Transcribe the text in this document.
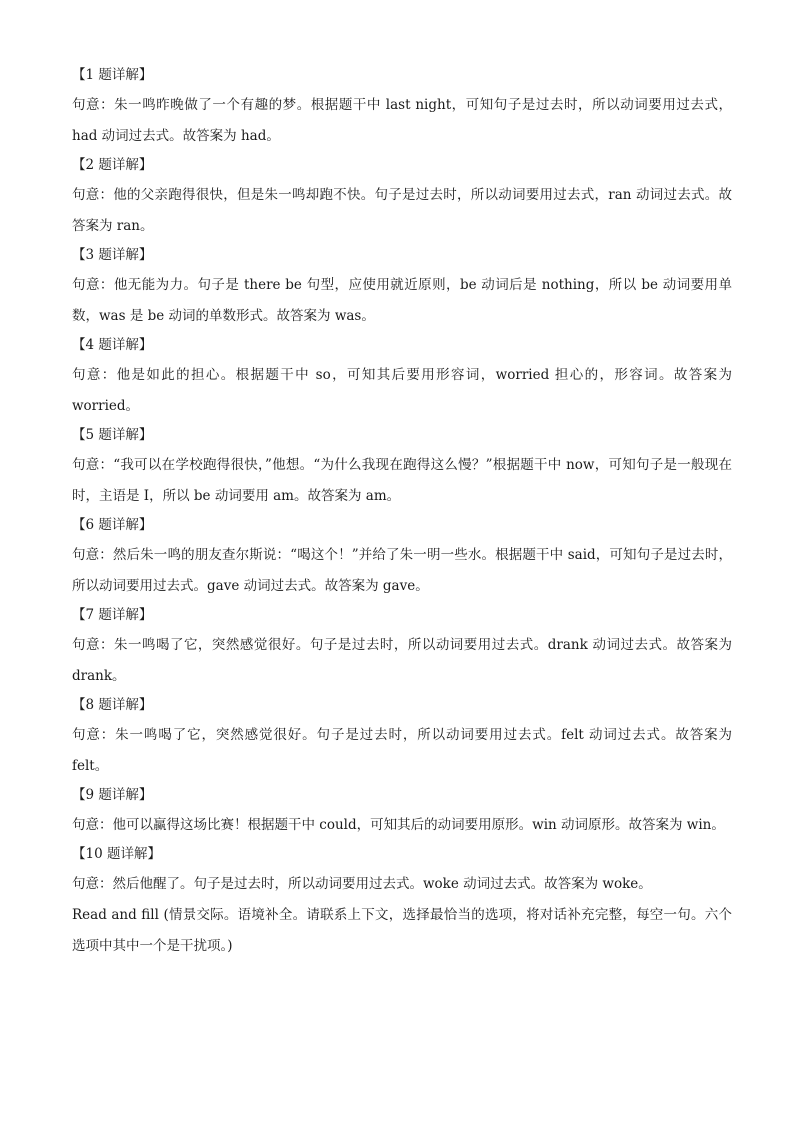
【1 题详解】

句意：朱一鸣昨晚做了一个有趣的梦。根据题干中 last night，可知句子是过去时，所以动词要用过去式，had 动词过去式。故答案为 had。

【2 题详解】

句意：他的父亲跑得很快，但是朱一鸣却跑不快。句子是过去时，所以动词要用过去式，ran 动词过去式。故答案为 ran。

【3 题详解】

句意：他无能为力。句子是 there be 句型，应使用就近原则，be 动词后是 nothing，所以 be 动词要用单数，was 是 be 动词的单数形式。故答案为 was。

【4 题详解】

句意：他是如此的担心。根据题干中 so，可知其后要用形容词，worried 担心的，形容词。故答案为 worried。

【5 题详解】

句意：“我可以在学校跑得很快，”他想。“为什么我现在跑得这么慢？”根据题干中 now，可知句子是一般现在时，主语是 I，所以 be 动词要用 am。故答案为 am。

【6 题详解】

句意：然后朱一鸣的朋友查尔斯说：“喝这个！”并给了朱一明一些水。根据题干中 said，可知句子是过去时，所以动词要用过去式。gave 动词过去式。故答案为 gave。

【7 题详解】

句意：朱一鸣喝了它，突然感觉很好。句子是过去时，所以动词要用过去式。drank 动词过去式。故答案为 drank。

【8 题详解】

句意：朱一鸣喝了它，突然感觉很好。句子是过去时，所以动词要用过去式。felt 动词过去式。故答案为 felt。

【9 题详解】

句意：他可以赢得这场比赛！根据题干中 could，可知其后的动词要用原形。win 动词原形。故答案为 win。

【10 题详解】

句意：然后他醒了。句子是过去时，所以动词要用过去式。woke 动词过去式。故答案为 woke。

Read and fill (情景交际。语境补全。请联系上下文，选择最恰当的选项，将对话补充完整，每空一句。六个选项中其中一个是干扰项。)
